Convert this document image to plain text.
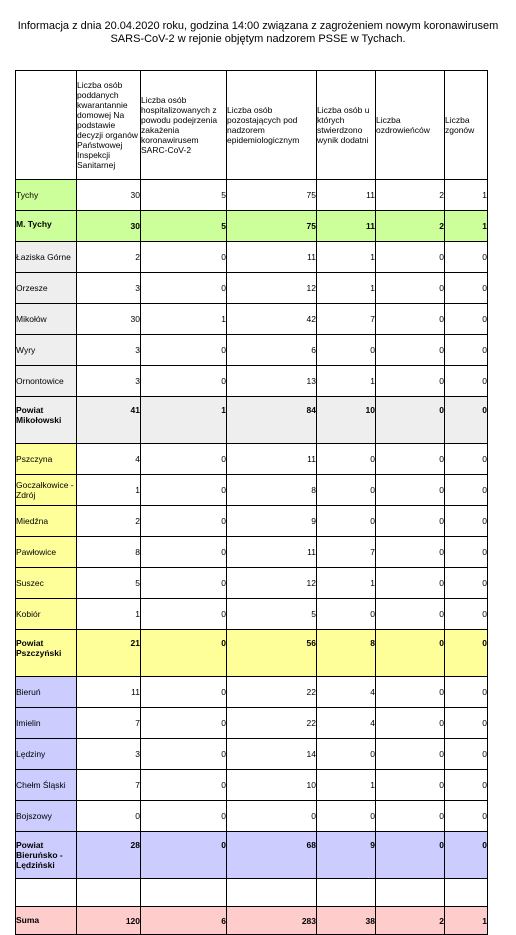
Informacja z dnia 20.04.2020 roku, godzina 14:00 związana z zagrożeniem nowym koronawirusem SARS-CoV-2 w rejonie objętym nadzorem PSSE w Tychach.
	Liczba osób poddanych kwarantannie domowej Na podstawie decyzji organów Państwowej Inspekcji Sanitarnej	Liczba osób hospitalizowanych z powodu podejrzenia zakażenia koronawirusem SARC-CoV-2	Liczba osób pozostających pod nadzorem epidemiologicznym	Liczba osób u których stwierdzono wynik dodatni	Liczba ozdrowieńców	Liczba zgonów
Tychy	30	5	75	11	2	1
M. Tychy	30	5	75	11	2	1
Łaziska Górne	2	0	11	1	0	0
Orzesze	3	0	12	1	0	0
Mikołów	30	1	42	7	0	0
Wyry	3	0	6	0	0	0
Ornontowice	3	0	13	1	0	0
Powiat Mikołowski	41	1	84	10	0	0
Pszczyna	4	0	11	0	0	0
Goczałkowice - Zdrój	1	0	8	0	0	0
Miedźna	2	0	9	0	0	0
Pawłowice	8	0	11	7	0	0
Suszec	5	0	12	1	0	0
Kobiór	1	0	5	0	0	0
Powiat Pszczyński	21	0	56	8	0	0
Bieruń	11	0	22	4	0	0
Imielin	7	0	22	4	0	0
Lędziny	3	0	14	0	0	0
Chełm Śląski	7	0	10	1	0	0
Bojszowy	0	0	0	0	0	0
Powiat Bieruńsko - Lędziński	28	0	68	9	0	0

Suma	120	6	283	38	2	1
